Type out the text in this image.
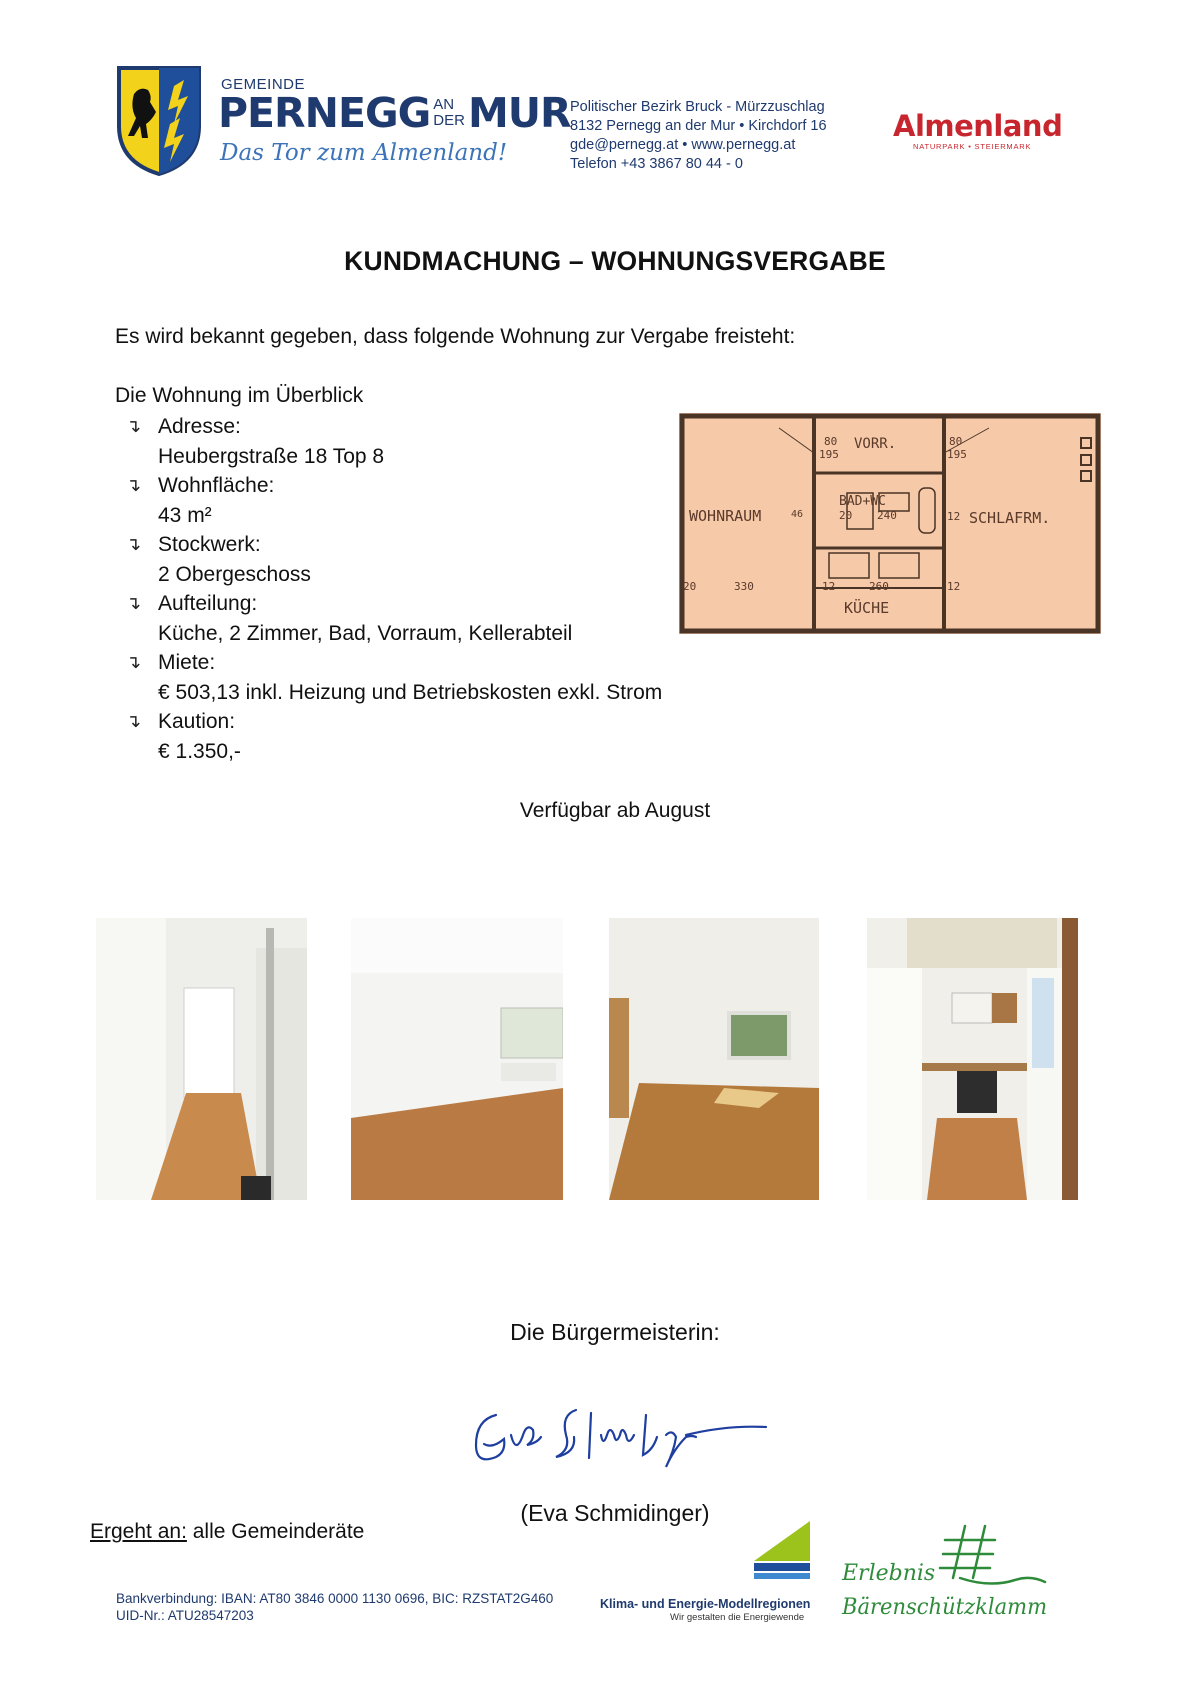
GEMEINDE
PERNEGG AN
DER MUR
Das Tor zum Almenland!
Politischer Bezirk Bruck - Mürzzuschlag
8132 Pernegg an der Mur • Kirchdorf 16
gde@pernegg.at • www.pernegg.at
Telefon +43 3867 80 44 - 0
Almenland
NATURPARK • STEIERMARK
KUNDMACHUNG – WOHNUNGSVERGABE
Es wird bekannt gegeben, dass folgende Wohnung zur Vergabe freisteht:
Die Wohnung im Überblick
↴ Adresse:
Heubergstraße 18 Top 8
↴ Wohnfläche:
43 m²
↴ Stockwerk:
2 Obergeschoss
↴ Aufteilung:
Küche, 2 Zimmer, Bad, Vorraum, Kellerabteil
↴ Miete:
€ 503,13 inkl. Heizung und Betriebskosten exkl. Strom
↴ Kaution:
€ 1.350,-
WOHNRAUM	46
VORR.
BAD+WC
SCHLAFRM.
KÜCHE
80
195
80
195
12
330
20	12	260	12
240
20
Verfügbar ab August
Die Bürgermeisterin:
(Eva Schmidinger)
Ergeht an: alle Gemeinderäte
Bankverbindung: IBAN: AT80 3846 0000 1130 0696, BIC: RZSTAT2G460
UID-Nr.: ATU28547203
Klima- und Energie-Modellregionen
Wir gestalten die Energiewende
Erlebnis
Bärenschützklamm
